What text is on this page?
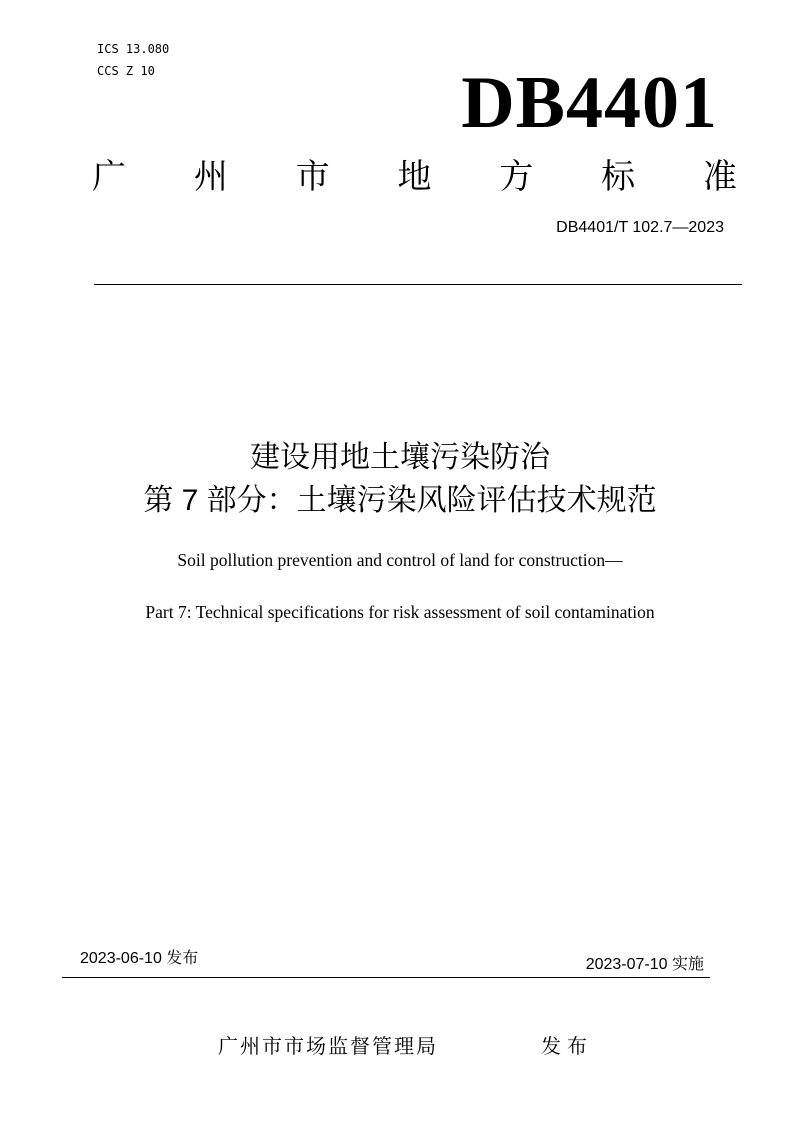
ICS 13.080
CCS Z 10	DB4401
广 州 市 地 方 标 准
DB4401/T 102.7—2023
建设用地土壤污染防治
第 7 部分：土壤污染风险评估技术规范
Soil pollution prevention and control of land for construction—
Part 7: Technical specifications for risk assessment of soil contamination
2023-06-10 发布	2023-07-10 实施
广州市市场监督管理局	发布
